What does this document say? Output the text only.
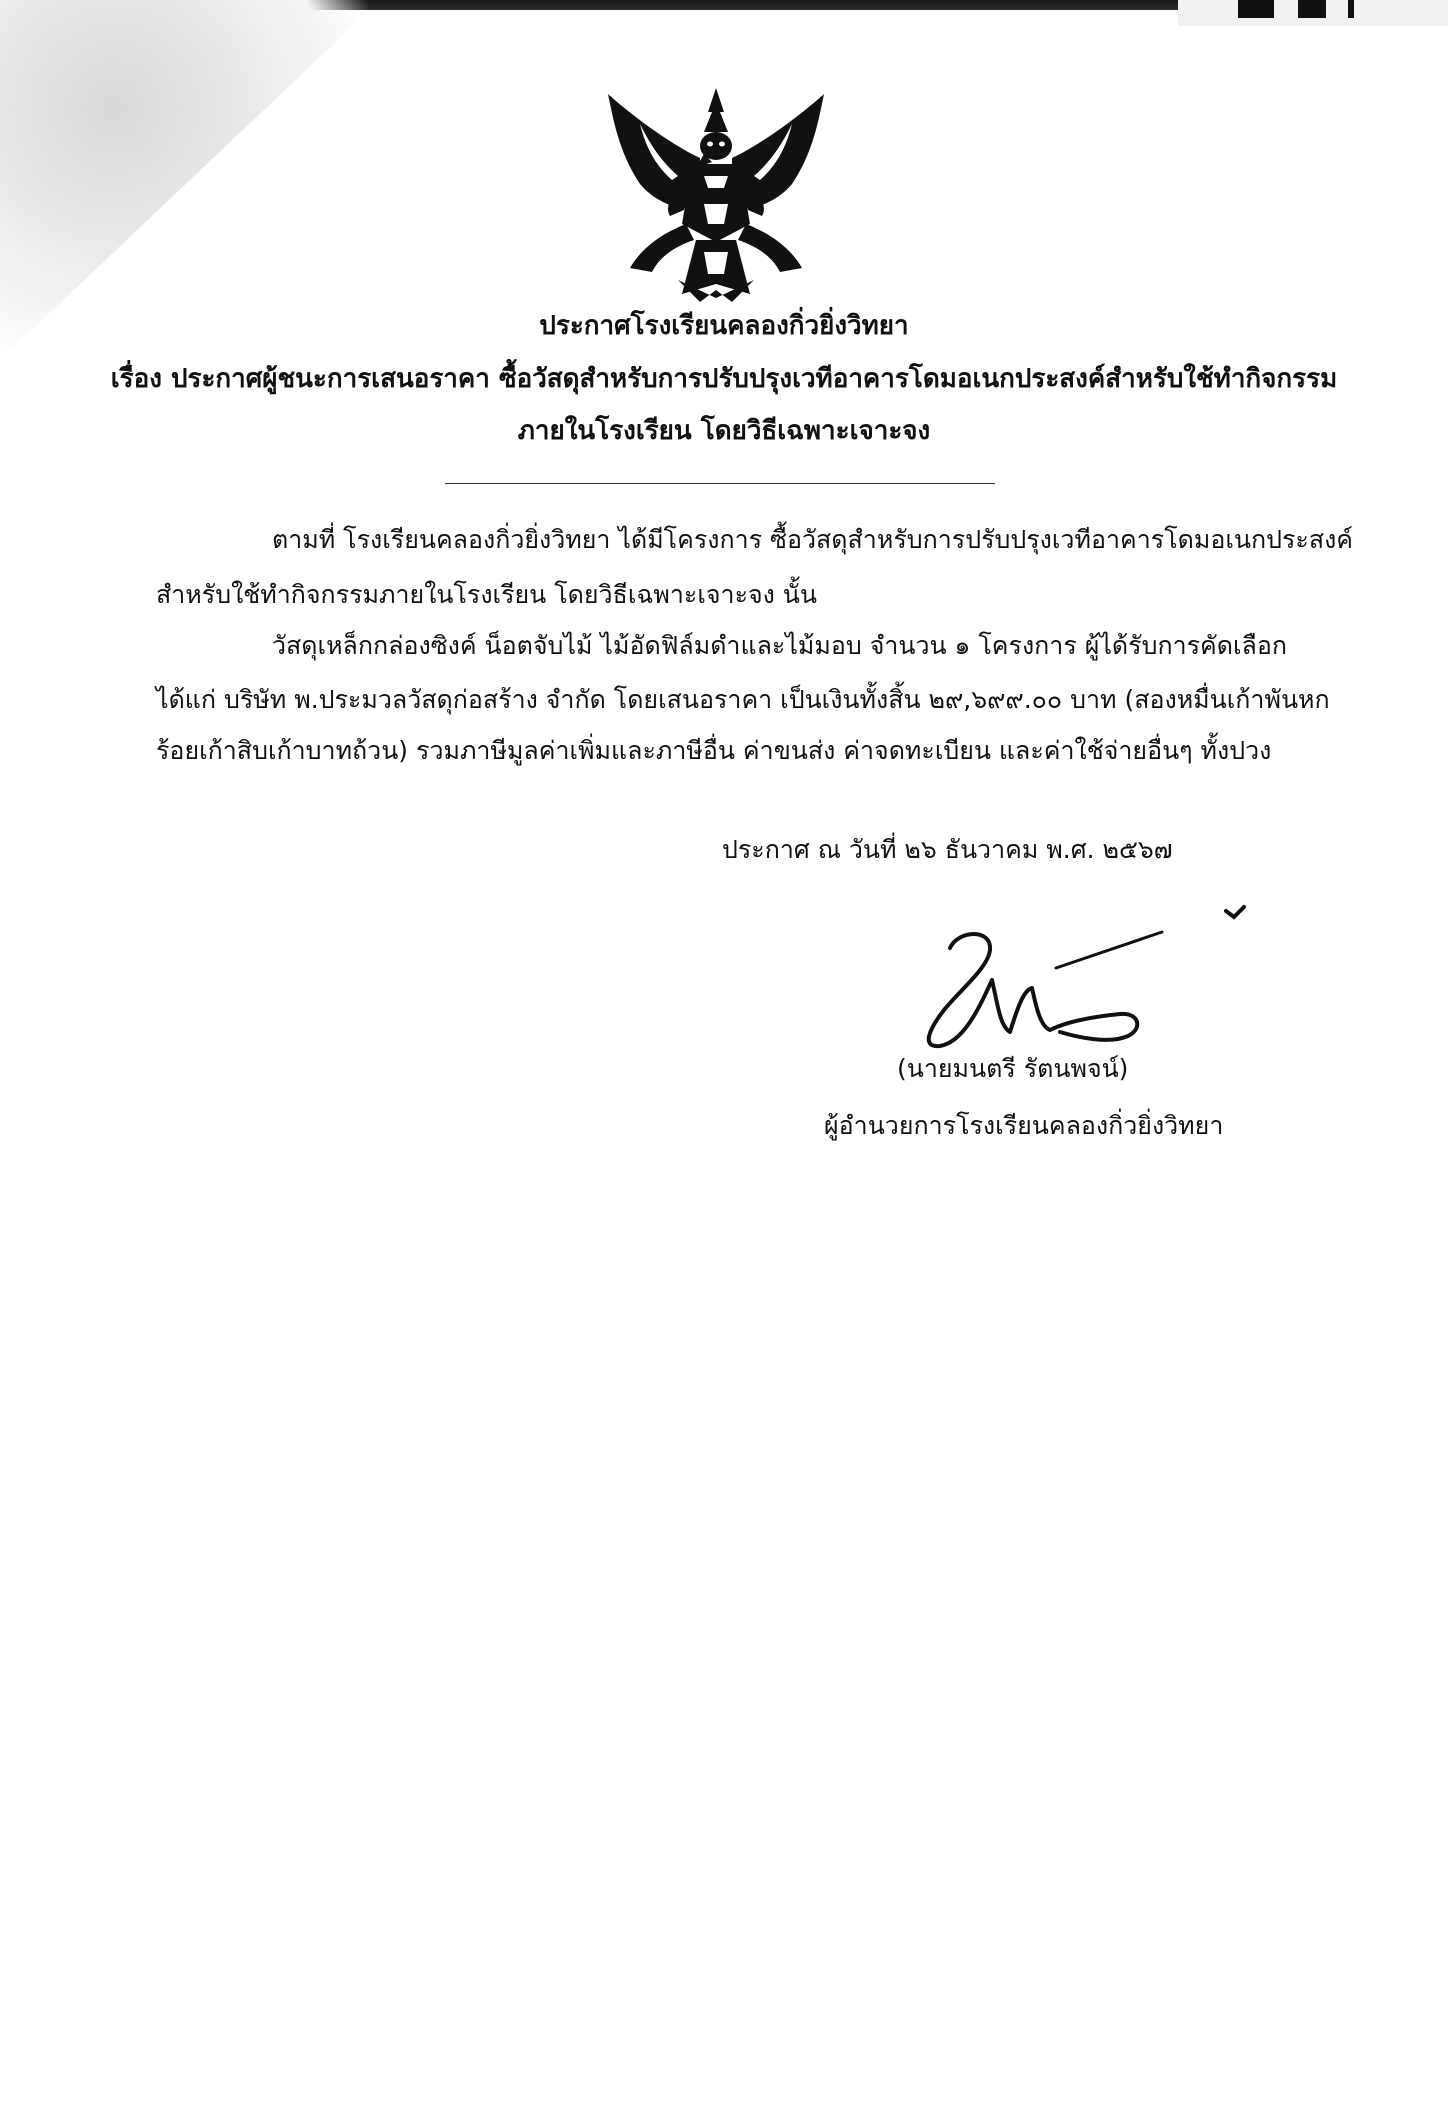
ประกาศโรงเรียนคลองกิ่วยิ่งวิทยา
เรื่อง ประกาศผู้ชนะการเสนอราคา ซื้อวัสดุสำหรับการปรับปรุงเวทีอาคารโดมอเนกประสงค์สำหรับใช้ทำกิจกรรม
ภายในโรงเรียน โดยวิธีเฉพาะเจาะจง
ตามที่ โรงเรียนคลองกิ่วยิ่งวิทยา ได้มีโครงการ ซื้อวัสดุสำหรับการปรับปรุงเวทีอาคารโดมอเนกประสงค์
สำหรับใช้ทำกิจกรรมภายในโรงเรียน โดยวิธีเฉพาะเจาะจง นั้น
วัสดุเหล็กกล่องซิงค์ น็อตจับไม้ ไม้อัดฟิล์มดำและไม้มอบ จำนวน ๑ โครงการ ผู้ได้รับการคัดเลือก
ได้แก่ บริษัท พ.ประมวลวัสดุก่อสร้าง จำกัด โดยเสนอราคา เป็นเงินทั้งสิ้น ๒๙,๖๙๙.๐๐ บาท (สองหมื่นเก้าพันหก
ร้อยเก้าสิบเก้าบาทถ้วน) รวมภาษีมูลค่าเพิ่มและภาษีอื่น ค่าขนส่ง ค่าจดทะเบียน และค่าใช้จ่ายอื่นๆ ทั้งปวง
ประกาศ ณ วันที่ ๒๖ ธันวาคม พ.ศ. ๒๕๖๗
(นายมนตรี รัตนพจน์)
ผู้อำนวยการโรงเรียนคลองกิ่วยิ่งวิทยา
